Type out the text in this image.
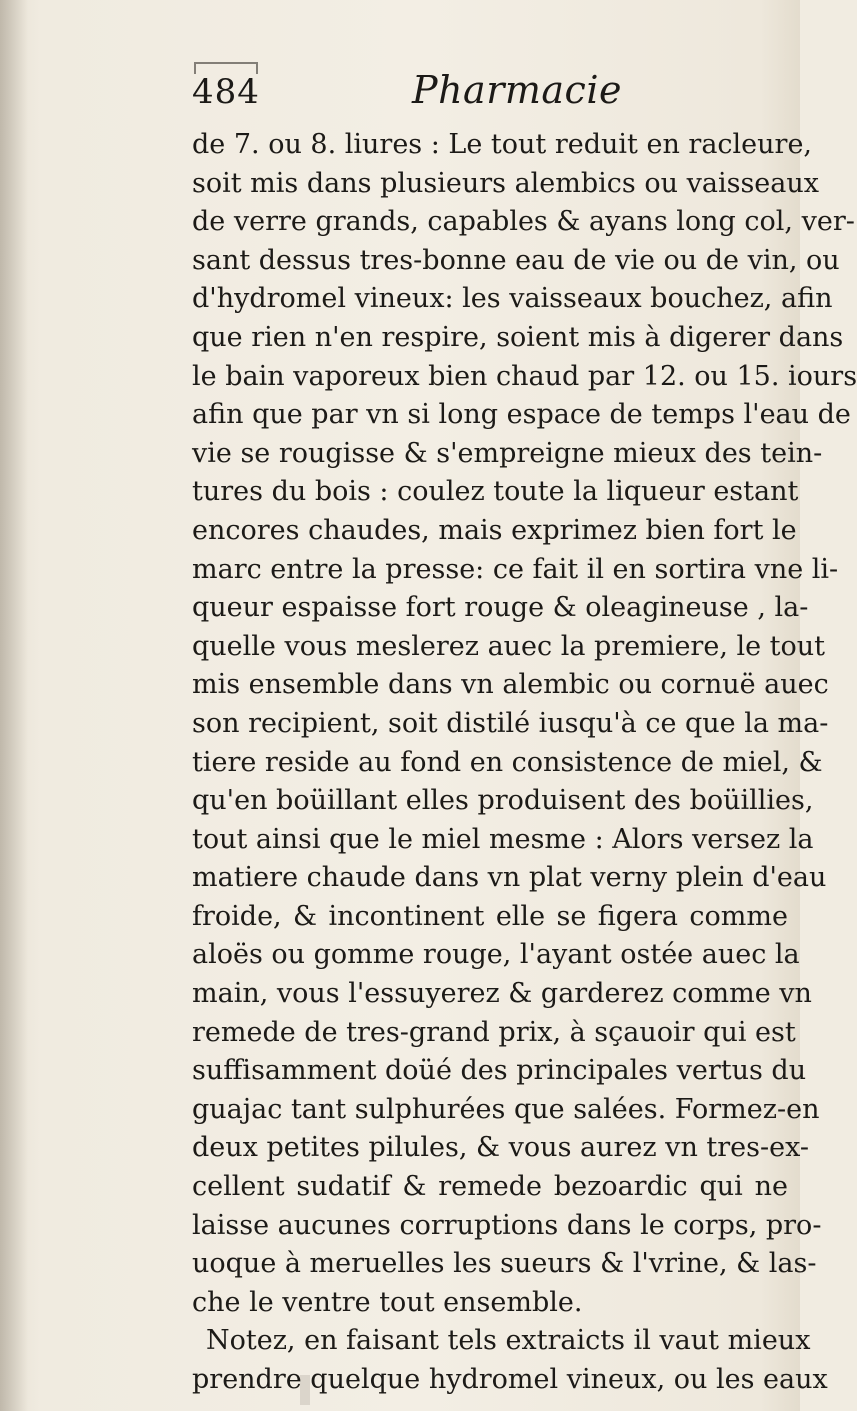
484	Pharmacie
de 7. ou 8. liures : Le tout reduit en racleure,
soit mis dans plusieurs alembics ou vaisseaux
de verre grands, capables & ayans long col, ver-
sant dessus tres-bonne eau de vie ou de vin, ou
d'hydromel vineux: les vaisseaux bouchez, afin
que rien n'en respire, soient mis à digerer dans
le bain vaporeux bien chaud par 12. ou 15. iours
afin que par vn si long espace de temps l'eau de
vie se rougisse & s'empreigne mieux des tein-
tures du bois : coulez toute la liqueur estant
encores chaudes, mais exprimez bien fort le
marc entre la presse: ce fait il en sortira vne li-
queur espaisse fort rouge & oleagineuse , la-
quelle vous meslerez auec la premiere, le tout
mis ensemble dans vn alembic ou cornuë auec
son recipient, soit distilé iusqu'à ce que la ma-
tiere reside au fond en consistence de miel, &
qu'en boüillant elles produisent des boüillies,
tout ainsi que le miel mesme : Alors versez la
matiere chaude dans vn plat verny plein d'eau
froide, & incontinent elle se figera comme
aloës ou gomme rouge, l'ayant ostée auec la
main, vous l'essuyerez & garderez comme vn
remede de tres-grand prix, à sçauoir qui est
suffisamment doüé des principales vertus du
guajac tant sulphurées que salées. Formez-en
deux petites pilules, & vous aurez vn tres-ex-
cellent sudatif & remede bezoardic qui ne
laisse aucunes corruptions dans le corps, pro-
uoque à meruelles les sueurs & l'vrine, & las-
che le ventre tout ensemble.
Notez, en faisant tels extraicts il vaut mieux
prendre quelque hydromel vineux, ou les eaux
